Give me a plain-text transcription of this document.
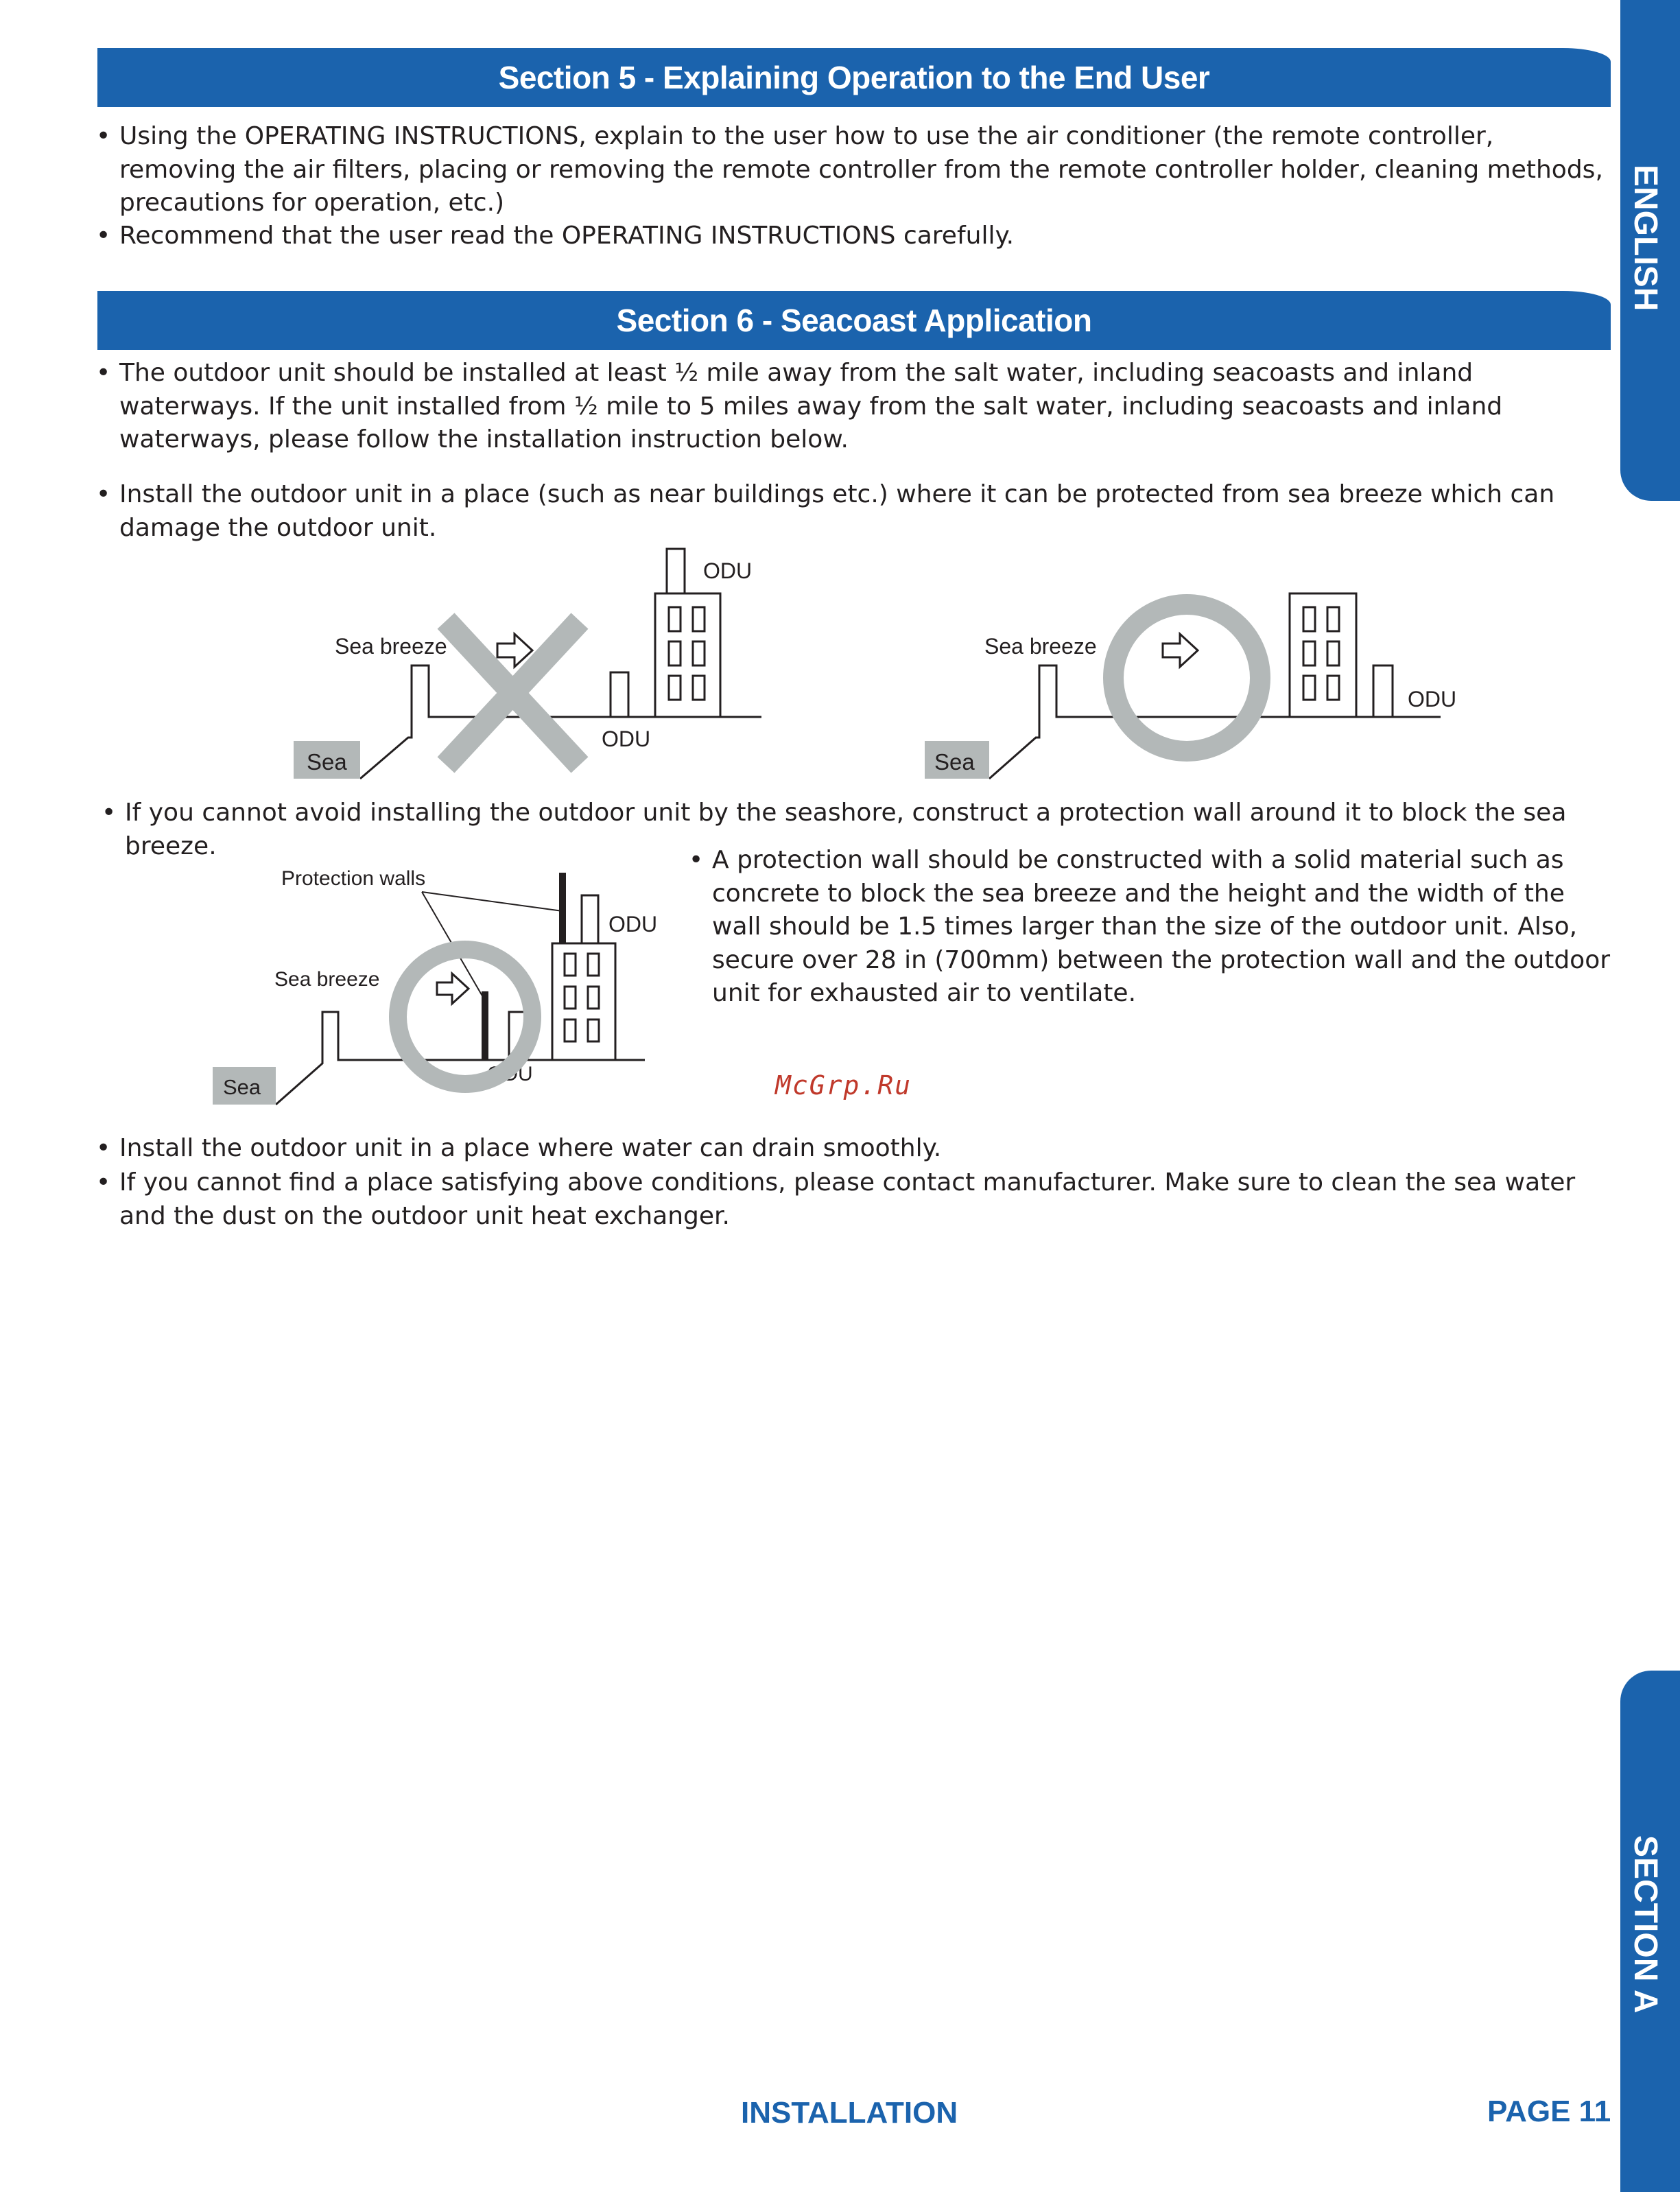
Section 5 - Explaining Operation to the End User
• Using the OPERATING INSTRUCTIONS, explain to the user how to use the air conditioner (the remote controller, removing the air filters, placing or removing the remote controller from the remote controller holder, cleaning methods, precautions for operation, etc.)

• Recommend that the user read the OPERATING INSTRUCTIONS carefully.

Section 6 - Seacoast Application
• The outdoor unit should be installed at least ½ mile away from the salt water, including seacoasts and inland waterways. If the unit installed from ½ mile to 5 miles away from the salt water, including seacoasts and inland waterways, please follow the installation instruction below.

• Install the outdoor unit in a place (such as near buildings etc.) where it can be protected from sea breeze which can damage the outdoor unit.

Sea
Sea breeze
ODU
ODU
Sea
Sea breeze
ODU
• If you cannot avoid installing the outdoor unit by the seashore, construct a protection wall around it to block the sea breeze.

Sea
Sea breeze
Protection walls
ODU
ODU
• A protection wall should be constructed with a solid material such as concrete to block the sea breeze and the height and the width of the wall should be 1.5 times larger than the size of the outdoor unit. Also, secure over 28 in (700mm) between the protection wall and the outdoor unit for exhausted air to ventilate.

McGrp.Ru
• Install the outdoor unit in a place where water can drain smoothly.

• If you cannot find a place satisfying above conditions, please contact manufacturer. Make sure to clean the sea water and the dust on the outdoor unit heat exchanger.

ENGLISH
SECTION A
INSTALLATION	PAGE 11
